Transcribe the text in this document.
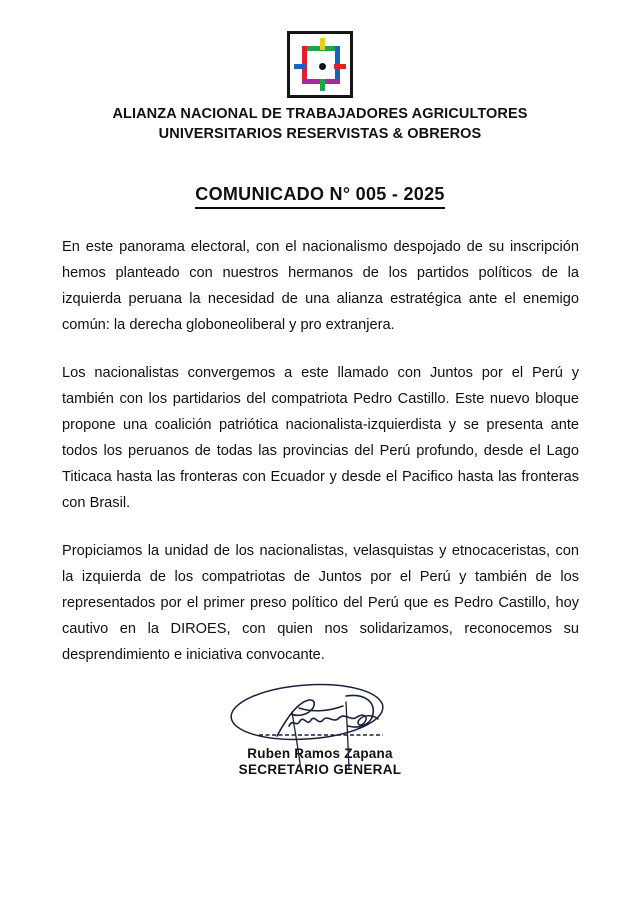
ALIANZA NACIONAL DE TRABAJADORES AGRICULTORES
UNIVERSITARIOS RESERVISTAS & OBREROS
COMUNICADO N° 005 - 2025

En este panorama electoral, con el nacionalismo despojado de su inscripción hemos planteado con nuestros hermanos de los partidos políticos de la izquierda peruana la necesidad de una alianza estratégica ante el enemigo común: la derecha globoneoliberal y pro extranjera.

Los nacionalistas convergemos a este llamado con Juntos por el Perú y también con los partidarios del compatriota Pedro Castillo. Este nuevo bloque propone una coalición patriótica nacionalista-izquierdista y se presenta ante todos los peruanos de todas las provincias del Perú profundo, desde el Lago Titicaca hasta las fronteras con Ecuador y desde el Pacifico hasta las fronteras con Brasil.

Propiciamos la unidad de los nacionalistas, velasquistas y etnocaceristas, con la izquierda de los compatriotas de Juntos por el Perú y también de los representados por el primer preso político del Perú que es Pedro Castillo, hoy cautivo en la DIROES, con quien nos solidarizamos, reconocemos su desprendimiento e iniciativa convocante.

Ruben Ramos Zapana
SECRETARIO GENERAL
